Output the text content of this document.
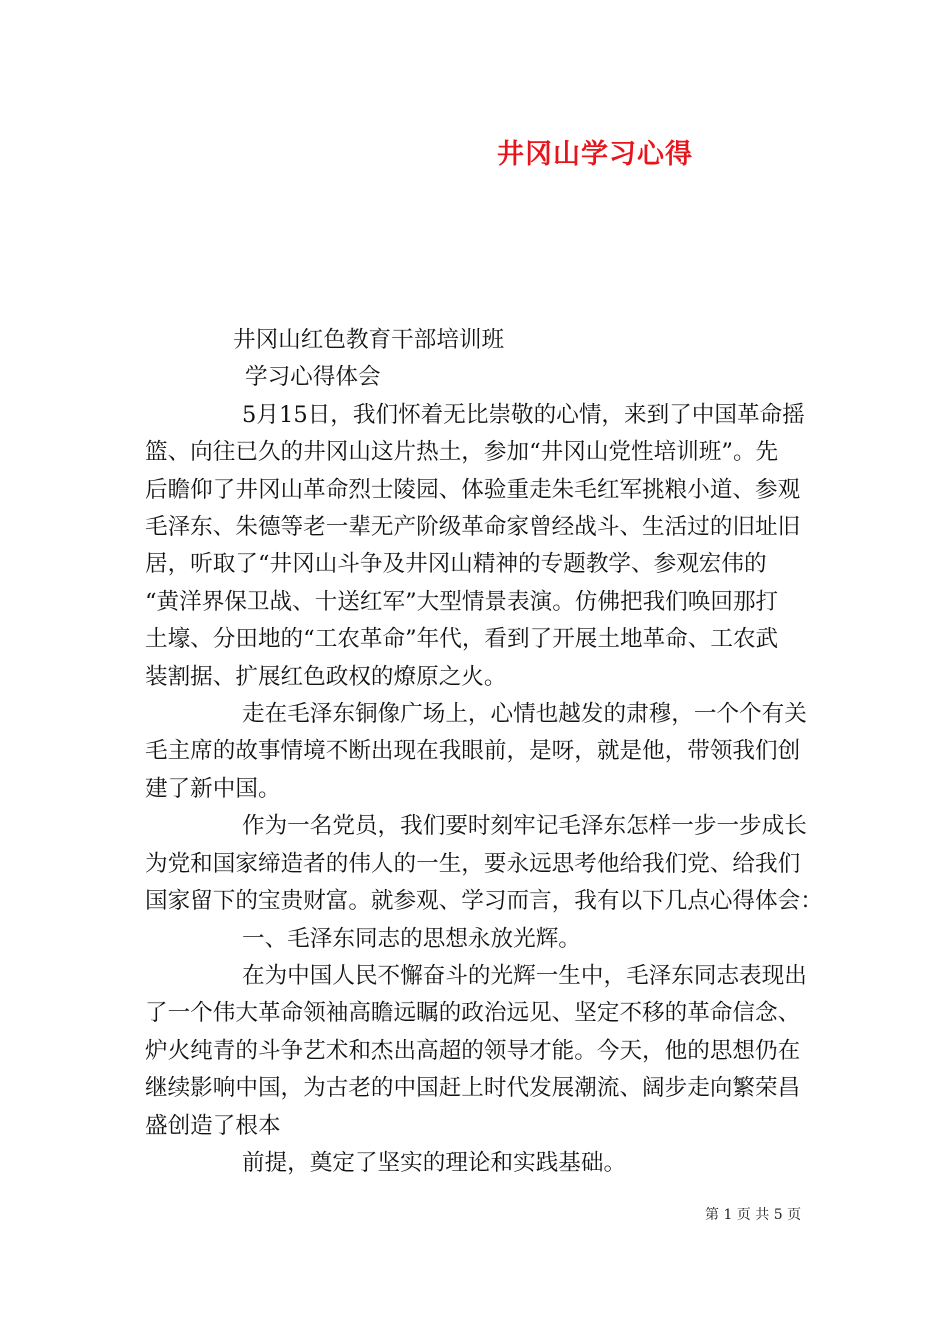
井冈山学习心得

井冈山红色教育干部培训班

学习心得体会

5月15日，我们怀着无比崇敬的心情，来到了中国革命摇

篮、向往已久的井冈山这片热土，参加“井冈山党性培训班”。先

后瞻仰了井冈山革命烈士陵园、体验重走朱毛红军挑粮小道、参观

毛泽东、朱德等老一辈无产阶级革命家曾经战斗、生活过的旧址旧

居，听取了“井冈山斗争及井冈山精神的专题教学、参观宏伟的

“黄洋界保卫战、十送红军”大型情景表演。仿佛把我们唤回那打

土壕、分田地的“工农革命”年代，看到了开展土地革命、工农武

装割据、扩展红色政权的燎原之火。

走在毛泽东铜像广场上，心情也越发的肃穆，一个个有关

毛主席的故事情境不断出现在我眼前，是呀，就是他，带领我们创

建了新中国。

作为一名党员，我们要时刻牢记毛泽东怎样一步一步成长

为党和国家缔造者的伟人的一生，要永远思考他给我们党、给我们

国家留下的宝贵财富。就参观、学习而言，我有以下几点心得体会：

一、毛泽东同志的思想永放光辉。

在为中国人民不懈奋斗的光辉一生中，毛泽东同志表现出

了一个伟大革命领袖高瞻远瞩的政治远见、坚定不移的革命信念、

炉火纯青的斗争艺术和杰出高超的领导才能。今天，他的思想仍在

继续影响中国，为古老的中国赶上时代发展潮流、阔步走向繁荣昌

盛创造了根本

前提，奠定了坚实的理论和实践基础。

第 1 页 共 5 页
